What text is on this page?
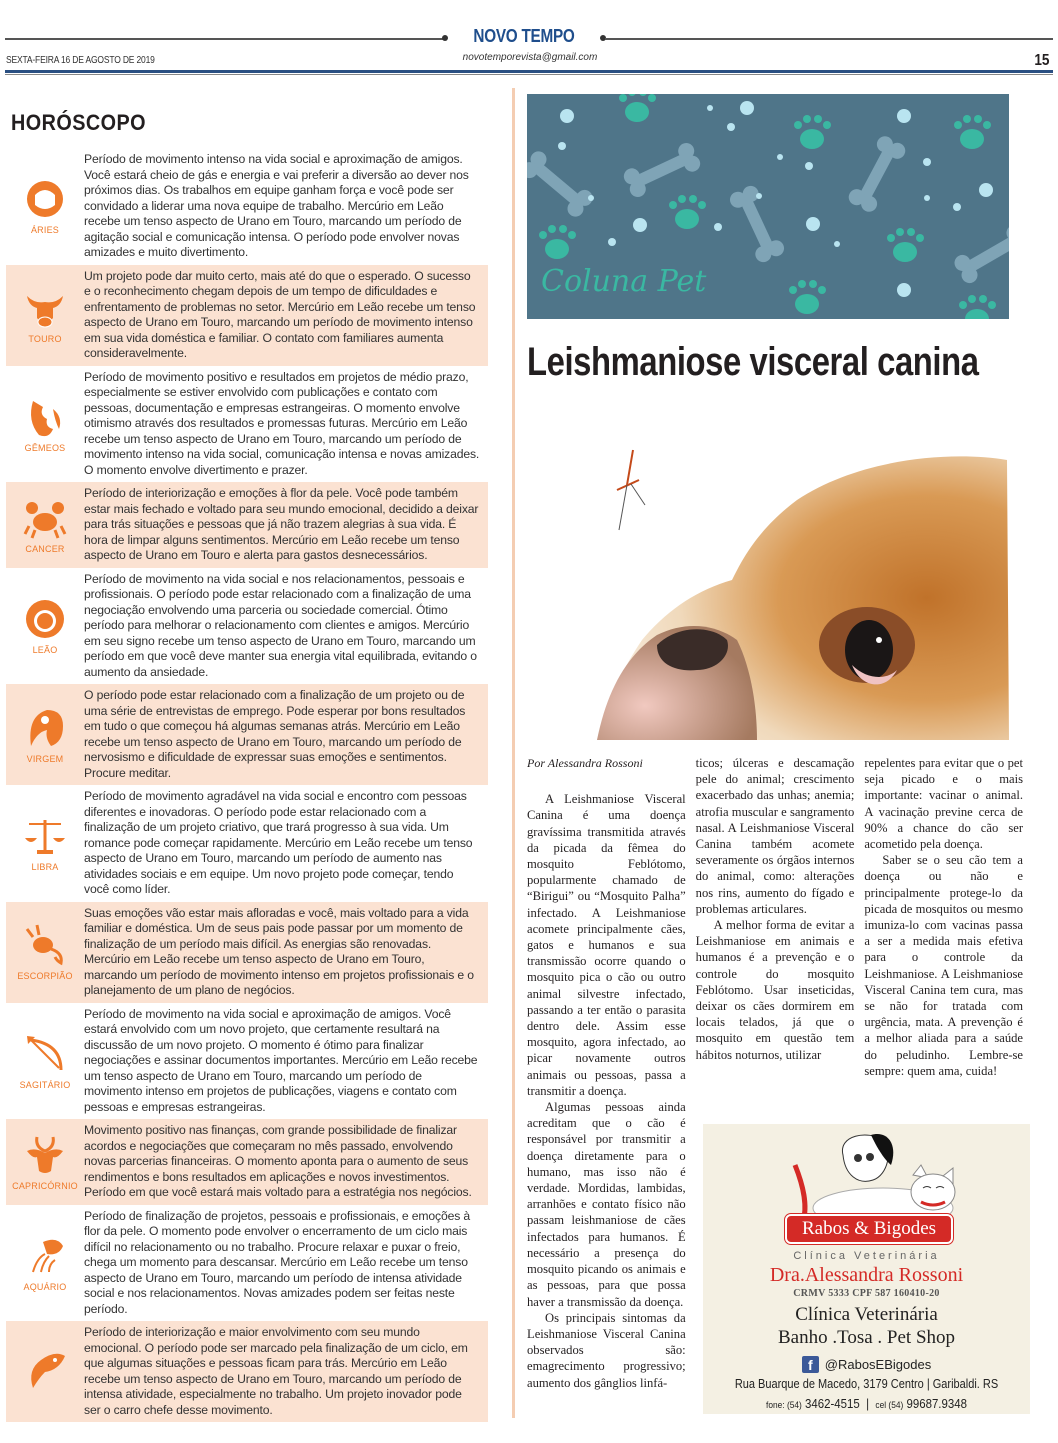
NOVO TEMPO
SEXTA-FEIRA 16 DE AGOSTO DE 2019	novotemporevista@gmail.com	15
HORÓSCOPO
ÁRIES
Período de movimento intenso na vida social e aproximação de amigos. Você estará cheio de gás e energia e vai preferir a diversão ao dever nos próximos dias. Os trabalhos em equipe ganham força e você pode ser convidado a liderar uma nova equipe de trabalho. Mercúrio em Leão recebe um tenso aspecto de Urano em Touro, marcando um período de agitação social e comunicação intensa. O período pode envolver novas amizades e muito divertimento.
TOURO
Um projeto pode dar muito certo, mais até do que o esperado. O sucesso e o reconhecimento chegam depois de um tempo de dificuldades e enfrentamento de problemas no setor. Mercúrio em Leão recebe um tenso aspecto de Urano em Touro, marcando um período de movimento intenso em sua vida doméstica e familiar. O contato com familiares aumenta consideravelmente.
GÊMEOS
Período de movimento positivo e resultados em projetos de médio prazo, especialmente se estiver envolvido com publicações e contato com pessoas, documentação e empresas estrangeiras. O momento envolve otimismo através dos resultados e promessas futuras. Mercúrio em Leão recebe um tenso aspecto de Urano em Touro, marcando um período de movimento intenso na vida social, comunicação intensa e novas amizades. O momento envolve divertimento e prazer.
CANCER
Período de interiorização e emoções à flor da pele. Você pode também estar mais fechado e voltado para seu mundo emocional, decidido a deixar para trás situações e pessoas que já não trazem alegrias à sua vida. É hora de limpar alguns sentimentos. Mercúrio em Leão recebe um tenso aspecto de Urano em Touro e alerta para gastos desnecessários.
LEÃO
Período de movimento na vida social e nos relacionamentos, pessoais e profissionais. O período pode estar relacionado com a finalização de uma negociação envolvendo uma parceria ou sociedade comercial. Ótimo período para melhorar o relacionamento com clientes e amigos. Mercúrio em seu signo recebe um tenso aspecto de Urano em Touro, marcando um período em que você deve manter sua energia vital equilibrada, evitando o aumento da ansiedade.
VIRGEM
O período pode estar relacionado com a finalização de um projeto ou de uma série de entrevistas de emprego. Pode esperar por bons resultados em tudo o que começou há algumas semanas atrás. Mercúrio em Leão recebe um tenso aspecto de Urano em Touro, marcando um período de nervosismo e dificuldade de expressar suas emoções e sentimentos. Procure meditar.
LIBRA
Período de movimento agradável na vida social e encontro com pessoas diferentes e inovadoras. O período pode estar relacionado com a finalização de um projeto criativo, que trará progresso à sua vida. Um romance pode começar rapidamente. Mercúrio em Leão recebe um tenso aspecto de Urano em Touro, marcando um período de aumento nas atividades sociais e em equipe. Um novo projeto pode começar, tendo você como líder.
ESCORPIÃO
Suas emoções vão estar mais afloradas e você, mais voltado para a vida familiar e doméstica. Um de seus pais pode passar por um momento de finalização de um período mais difícil. As energias são renovadas. Mercúrio em Leão recebe um tenso aspecto de Urano em Touro, marcando um período de movimento intenso em projetos profissionais e o planejamento de um plano de negócios.
SAGITÁRIO
Período de movimento na vida social e aproximação de amigos. Você estará envolvido com um novo projeto, que certamente resultará na discussão de um novo projeto. O momento é ótimo para finalizar negociações e assinar documentos importantes. Mercúrio em Leão recebe um tenso aspecto de Urano em Touro, marcando um período de movimento intenso em projetos de publicações, viagens e contato com pessoas e empresas estrangeiras.
CAPRICÓRNIO
Movimento positivo nas finanças, com grande possibilidade de finalizar acordos e negociações que começaram no mês passado, envolvendo novas parcerias financeiras. O momento aponta para o aumento de seus rendimentos e bons resultados em aplicações e novos investimentos. Período em que você estará mais voltado para a estratégia nos negócios.
AQUÁRIO
Período de finalização de projetos, pessoais e profissionais, e emoções à flor da pele. O momento pode envolver o encerramento de um ciclo mais difícil no relacionamento ou no trabalho. Procure relaxar e puxar o freio, chega um momento para descansar. Mercúrio em Leão recebe um tenso aspecto de Urano em Touro, marcando um período de intensa atividade social e nos relacionamentos. Novas amizades podem ser feitas neste período.
Período de interiorização e maior envolvimento com seu mundo emocional. O período pode ser marcado pela finalização de um ciclo, em que algumas situações e pessoas ficam para trás. Mercúrio em Leão recebe um tenso aspecto de Urano em Touro, marcando um período de intensa atividade, especialmente no trabalho. Um projeto inovador pode ser o carro chefe desse movimento.
Coluna Pet
Leishmaniose visceral canina

Por Alessandra Rossoni

A Leishmaniose Visceral Canina é uma doença gravíssima transmitida através da picada da fêmea do mosquito Feblótomo, popularmente chamado de “Birigui” ou “Mosquito Palha” infectado. A Leishmaniose acomete principalmente cães, gatos e humanos e sua transmissão ocorre quando o mosquito pica o cão ou outro animal silvestre infectado, passando a ter então o parasita dentro dele. Assim esse mosquito, agora infectado, ao picar novamente outros animais ou pessoas, passa a transmitir a doença.

Algumas pessoas ainda acreditam que o cão é responsável por transmitir a doença diretamente para o humano, mas isso não é verdade. Mordidas, lambidas, arranhões e contato físico não passam leishmaniose de cães infectados para humanos. É necessário a presença do mosquito picando os animais e as pessoas, para que possa haver a transmissão da doença.

Os principais sintomas da Leishmaniose Visceral Canina observados são: emagrecimento progressivo; aumento dos gânglios linfá-

ticos; úlceras e descamação pele do animal; crescimento exacerbado das unhas; anemia; atrofia muscular e sangramento nasal. A Leishmaniose Visceral Canina também acomete severamente os órgãos internos do animal, como: alterações nos rins, aumento do fígado e problemas articulares.

A melhor forma de evitar a Leishmaniose em animais e humanos é a prevenção e o controle do mosquito Feblótomo. Usar inseticidas, deixar os cães dormirem em locais telados, já que o mosquito em questão tem hábitos noturnos, utilizar

repelentes para evitar que o pet seja picado e o mais importante: vacinar o animal. A vacinação previne cerca de 90% a chance do cão ser acometido pela doença.

Saber se o seu cão tem a doença ou não e principalmente protege-lo da picada de mosquitos ou mesmo imuniza-lo com vacinas passa a ser a medida mais efetiva para o controle da Leishmaniose. A Leishmaniose Visceral Canina tem cura, mas se não for tratada com urgência, mata. A prevenção é a melhor aliada para a saúde do peludinho. Lembre-se sempre: quem ama, cuida!

Rabos & Bigodes
Clínica Veterinária
Dra.Alessandra Rossoni
CRMV 5333 CPF 587 160410-20
Clínica Veterinária
Banho .Tosa . Pet Shop
f @RabosEBigodes
Rua Buarque de Macedo, 3179 Centro | Garibaldi. RS
fone: (54) 3462-4515  |  cel (54) 99687.9348
